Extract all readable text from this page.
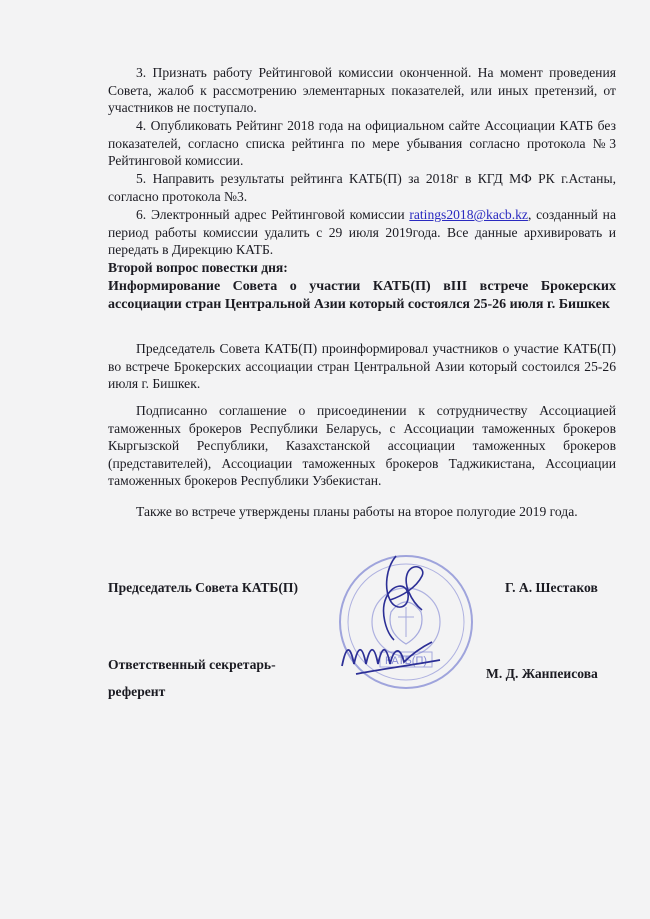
3. Признать работу Рейтинговой комиссии оконченной. На момент проведения Совета, жалоб к рассмотрению элементарных показателей, или иных претензий, от участников не поступало.
4. Опубликовать Рейтинг 2018 года на официальном сайте Ассоциации КАТБ без показателей, согласно списка рейтинга по мере убывания согласно протокола №3 Рейтинговой комиссии.
5. Направить результаты рейтинга КАТБ(П) за 2018г в КГД МФ РК г.Астаны, согласно протокола №3.
6. Электронный адрес Рейтинговой комиссии ratings2018@kacb.kz, созданный на период работы комиссии удалить с 29 июля 2019года. Все данные архивировать и передать в Дирекцию КАТБ.
Второй вопрос повестки дня:
Информирование Совета о участии КАТБ(П) вIII встрече Брокерских ассоциации стран Центральной Азии который состоялся 25-26 июля г. Бишкек
Председатель Совета КАТБ(П) проинформировал участников о участие КАТБ(П) во встрече Брокерских ассоциации стран Центральной Азии который состоился 25-26 июля г. Бишкек.
Подписанно соглашение о присоединении к сотрудничеству Ассоциацией таможенных брокеров Республики Беларусь, с Ассоциации таможенных брокеров Кыргызской Республики, Казахстанской ассоциации таможенных брокеров (представителей), Ассоциации таможенных брокеров Таджикистана, Ассоциации таможенных брокеров Республики Узбекистан.
Также во встрече утверждены планы работы на второе полугодие 2019 года.
КАТБ(П)
Председатель Совета КАТБ(П)	Г. А. Шестаков
Ответственный секретарь-
референт
М. Д. Жанпеисова
